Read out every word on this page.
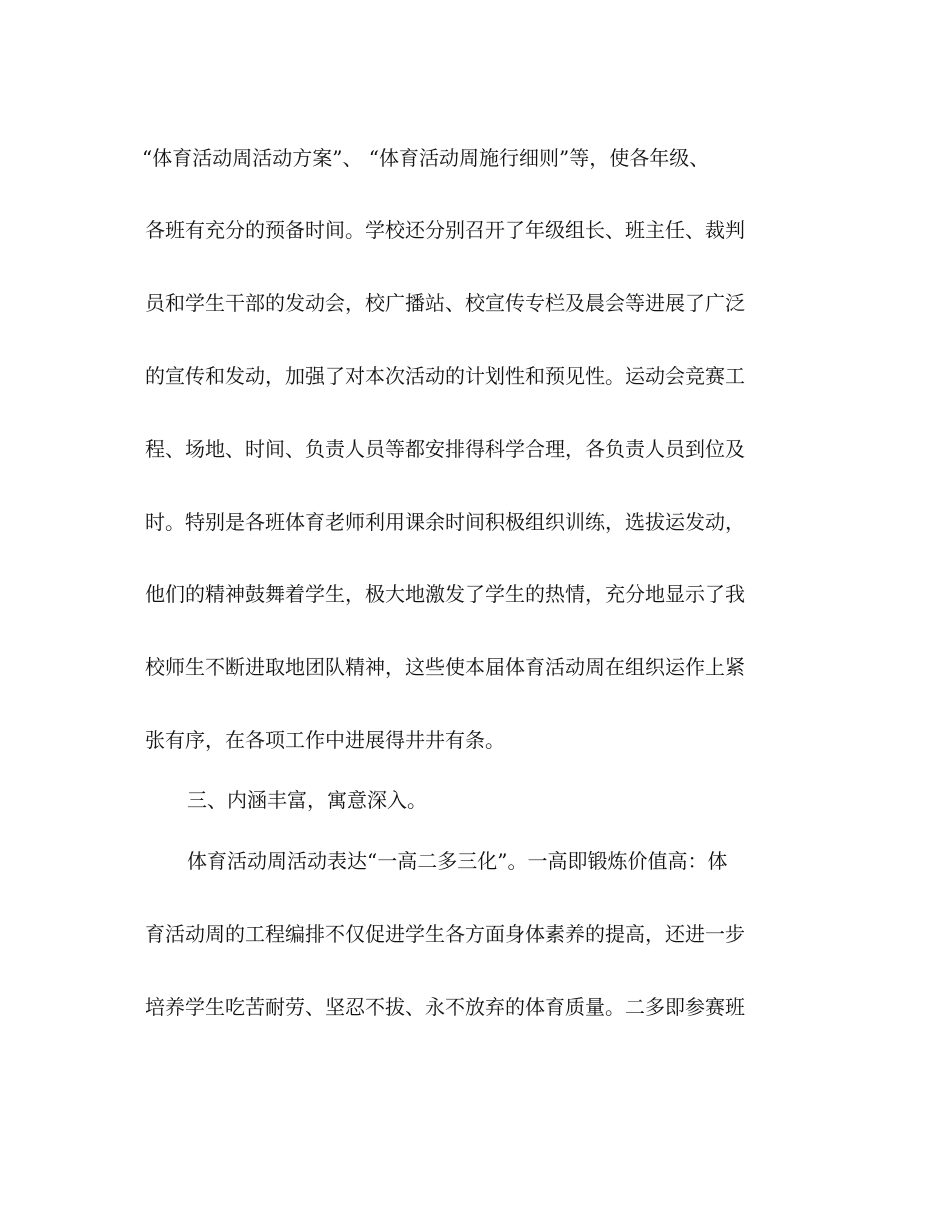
“体育活动周活动方案”、 “体育活动周施行细则”等，使各年级、
各班有充分的预备时间。学校还分别召开了年级组长、班主任、裁判
员和学生干部的发动会，校广播站、校宣传专栏及晨会等进展了广泛
的宣传和发动，加强了对本次活动的计划性和预见性。运动会竞赛工
程、场地、时间、负责人员等都安排得科学合理，各负责人员到位及
时。特别是各班体育老师利用课余时间积极组织训练，选拔运发动，
他们的精神鼓舞着学生，极大地激发了学生的热情，充分地显示了我
校师生不断进取地团队精神，这些使本届体育活动周在组织运作上紧
张有序，在各项工作中进展得井井有条。
三、内涵丰富，寓意深入。
体育活动周活动表达“一高二多三化”。一高即锻炼价值高：体
育活动周的工程编排不仅促进学生各方面身体素养的提高，还进一步
培养学生吃苦耐劳、坚忍不拔、永不放弃的体育质量。二多即参赛班
